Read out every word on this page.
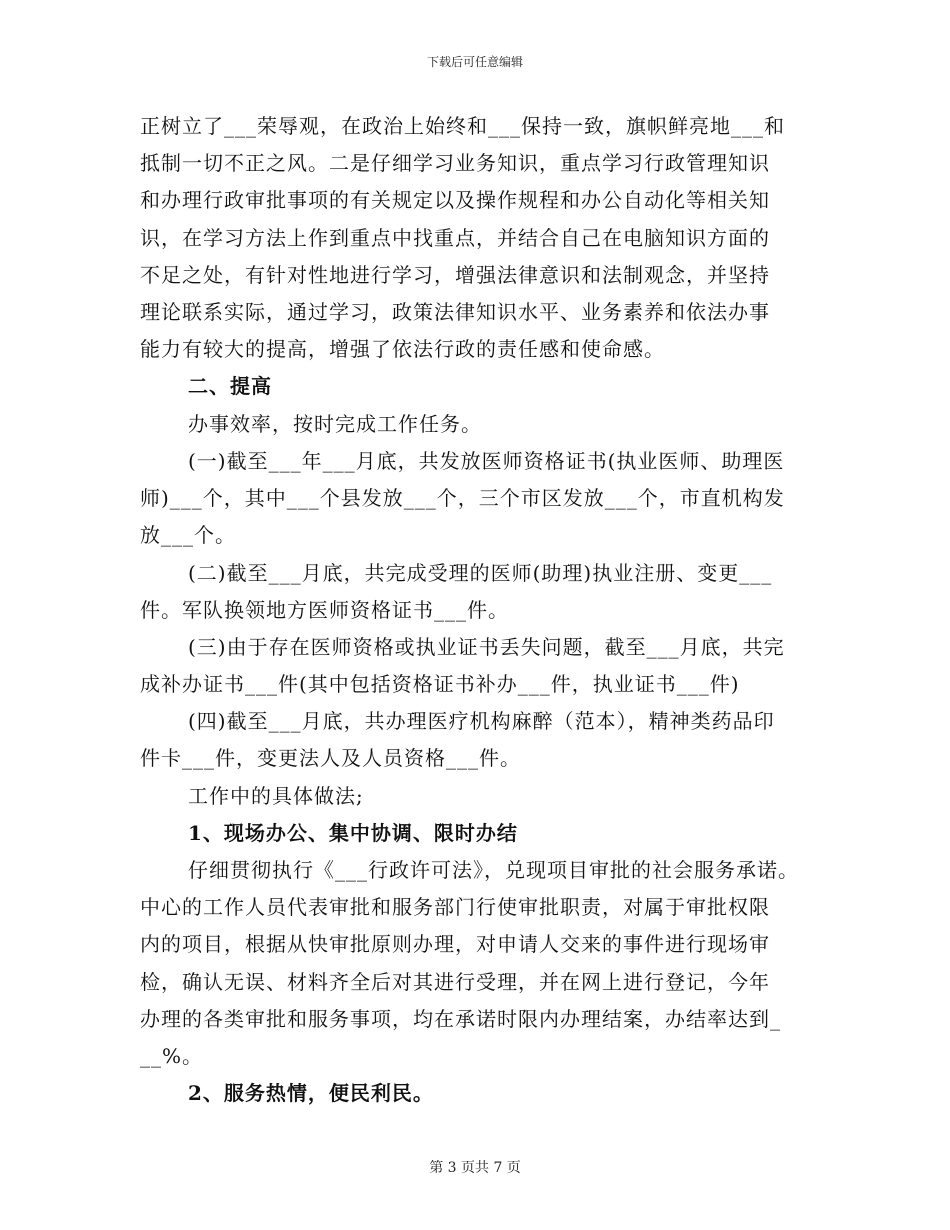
下载后可任意编辑
正树立了___荣辱观，在政治上始终和___保持一致，旗帜鲜亮地___和
抵制一切不正之风。二是仔细学习业务知识，重点学习行政管理知识
和办理行政审批事项的有关规定以及操作规程和办公自动化等相关知
识，在学习方法上作到重点中找重点，并结合自己在电脑知识方面的
不足之处，有针对性地进行学习，增强法律意识和法制观念，并坚持
理论联系实际，通过学习，政策法律知识水平、业务素养和依法办事
能力有较大的提高，增强了依法行政的责任感和使命感。
二、提高
办事效率，按时完成工作任务。
(一)截至___年___月底，共发放医师资格证书(执业医师、助理医
师)___个，其中___个县发放___个，三个市区发放___个，市直机构发
放___个。
(二)截至___月底，共完成受理的医师(助理)执业注册、变更___
件。军队换领地方医师资格证书___件。
(三)由于存在医师资格或执业证书丢失问题，截至___月底，共完
成补办证书___件(其中包括资格证书补办___件，执业证书___件)
(四)截至___月底，共办理医疗机构麻醉（范本），精神类药品印
件卡___件，变更法人及人员资格___件。
工作中的具体做法;
1、现场办公、集中协调、限时办结
仔细贯彻执行《___行政许可法》，兑现项目审批的社会服务承诺。
中心的工作人员代表审批和服务部门行使审批职责，对属于审批权限
内的项目，根据从快审批原则办理，对申请人交来的事件进行现场审
检，确认无误、材料齐全后对其进行受理，并在网上进行登记，今年
办理的各类审批和服务事项，均在承诺时限内办理结案，办结率达到_
__%。
2、服务热情，便民利民。
第 3 页共 7 页
